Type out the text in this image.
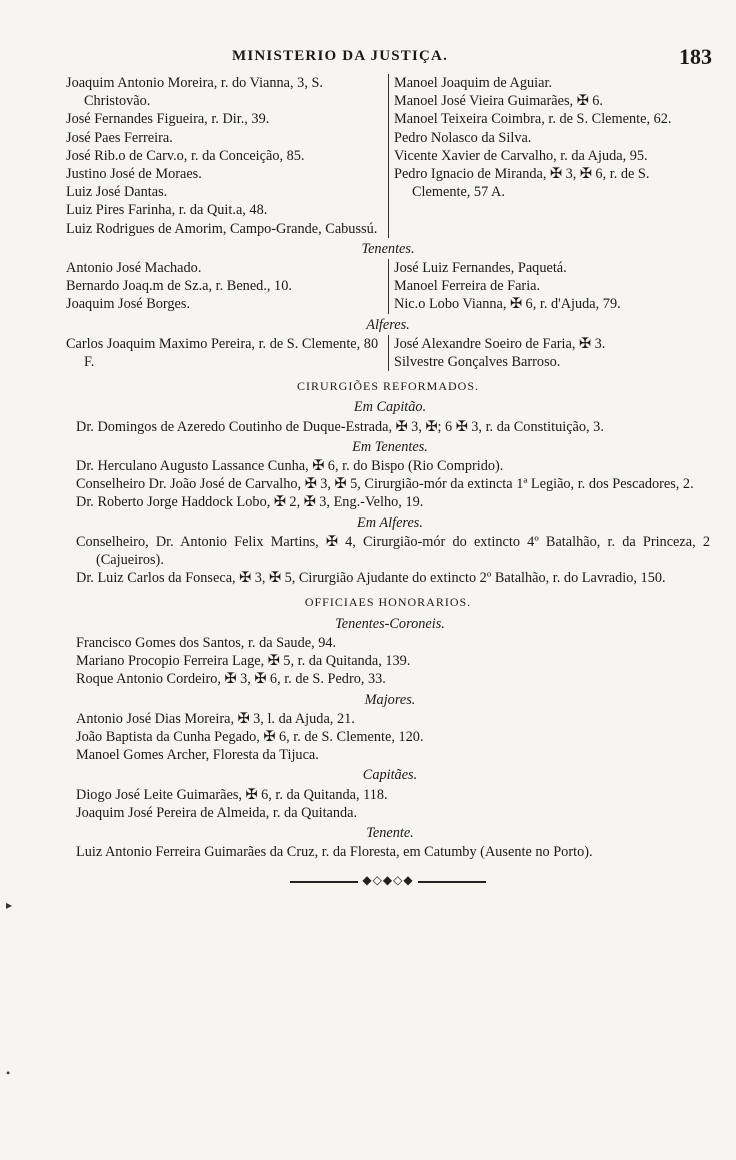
MINISTERIO DA JUSTIÇA.	183

Joaquim Antonio Moreira, r. do Vianna, 3, S. Christovão.

José Fernandes Figueira, r. Dir., 39.

José Paes Ferreira.

José Rib.o de Carv.o, r. da Conceição, 85.

Justino José de Moraes.

Luiz José Dantas.

Luiz Pires Farinha, r. da Quit.a, 48.

Luiz Rodrigues de Amorim, Campo-Grande, Cabussú.

Manoel Joaquim de Aguiar.

Manoel José Vieira Guimarães, ✠ 6.

Manoel Teixeira Coimbra, r. de S. Clemente, 62.

Pedro Nolasco da Silva.

Vicente Xavier de Carvalho, r. da Ajuda, 95.

Pedro Ignacio de Miranda, ✠ 3, ✠ 6, r. de S. Clemente, 57 A.

Tenentes.

Antonio José Machado.

Bernardo Joaq.m de Sz.a, r. Bened., 10.

Joaquim José Borges.

José Luiz Fernandes, Paquetá.

Manoel Ferreira de Faria.

Nic.o Lobo Vianna, ✠ 6, r. d'Ajuda, 79.

Alferes.

Carlos Joaquim Maximo Pereira, r. de S. Clemente, 80 F.

José Alexandre Soeiro de Faria, ✠ 3.

Silvestre Gonçalves Barroso.

CIRURGIÕES REFORMADOS.
Em Capitão.

Dr. Domingos de Azeredo Coutinho de Duque-Estrada, ✠ 3, ✠; 6 ✠ 3, r. da Constituição, 3.

Em Tenentes.

Dr. Herculano Augusto Lassance Cunha, ✠ 6, r. do Bispo (Rio Comprido).

Conselheiro Dr. João José de Carvalho, ✠ 3, ✠ 5, Cirurgião-mór da extincta 1ª Legião, r. dos Pescadores, 2.

Dr. Roberto Jorge Haddock Lobo, ✠ 2, ✠ 3, Eng.-Velho, 19.

Em Alferes.

Conselheiro, Dr. Antonio Felix Martins, ✠ 4, Cirurgião-mór do extincto 4º Batalhão, r. da Princeza, 2 (Cajueiros).

Dr. Luiz Carlos da Fonseca, ✠ 3, ✠ 5, Cirurgião Ajudante do extincto 2º Batalhão, r. do Lavradio, 150.

OFFICIAES HONORARIOS.
Tenentes-Coroneis.

Francisco Gomes dos Santos, r. da Saude, 94.

Mariano Procopio Ferreira Lage, ✠ 5, r. da Quitanda, 139.

Roque Antonio Cordeiro, ✠ 3, ✠ 6, r. de S. Pedro, 33.

Majores.

Antonio José Dias Moreira, ✠ 3, l. da Ajuda, 21.

João Baptista da Cunha Pegado, ✠ 6, r. de S. Clemente, 120.

Manoel Gomes Archer, Floresta da Tijuca.

Capitães.

Diogo José Leite Guimarães, ✠ 6, r. da Quitanda, 118.

Joaquim José Pereira de Almeida, r. da Quitanda.

Tenente.

Luiz Antonio Ferreira Guimarães da Cruz, r. da Floresta, em Catumby (Ausente no Porto).

◆◇◆◇◆
▸
•
